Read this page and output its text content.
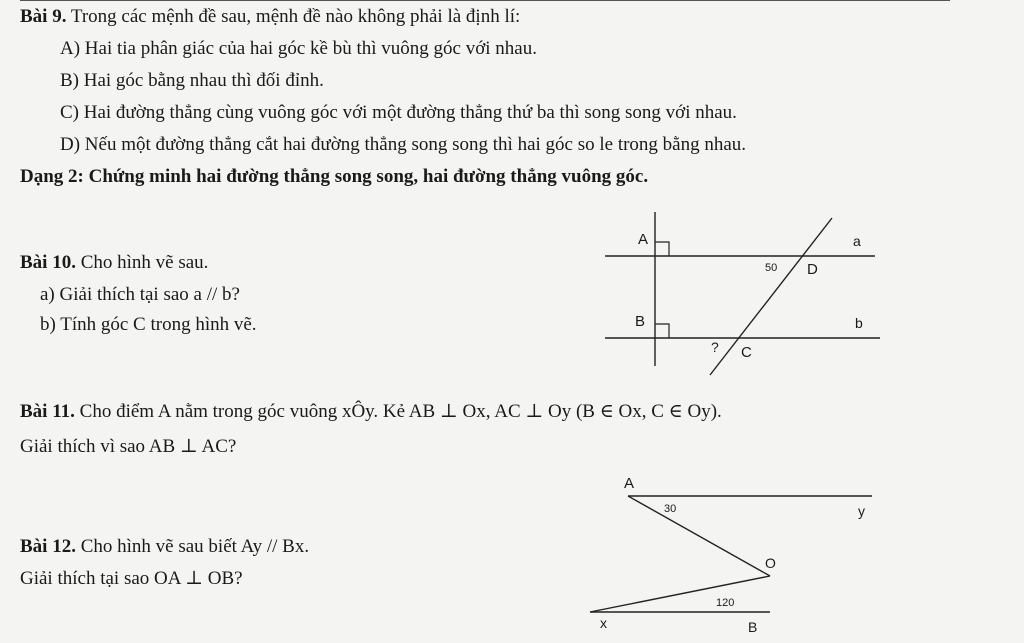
Bài 9. Trong các mệnh đề sau, mệnh đề nào không phải là định lí:
A) Hai tia phân giác của hai góc kề bù thì vuông góc với nhau.
B) Hai góc bằng nhau thì đối đỉnh.
C) Hai đường thẳng cùng vuông góc với một đường thẳng thứ ba thì song song với nhau.
D) Nếu một đường thẳng cắt hai đường thẳng song song thì hai góc so le trong bằng nhau.
Dạng 2: Chứng minh hai đường thẳng song song, hai đường thẳng vuông góc.
Bài 10. Cho hình vẽ sau.
a) Giải thích tại sao a // b?
b) Tính góc C trong hình vẽ.
A
B
D
C
a
b
50
?
Bài 11. Cho điểm A nằm trong góc vuông xÔy. Kẻ AB ⊥ Ox, AC ⊥ Oy (B ∈ Ox, C ∈ Oy).
Giải thích vì sao AB ⊥ AC?
Bài 12. Cho hình vẽ sau biết Ay // Bx.
Giải thích tại sao OA ⊥ OB?
A
y
O
x	B
30
120
